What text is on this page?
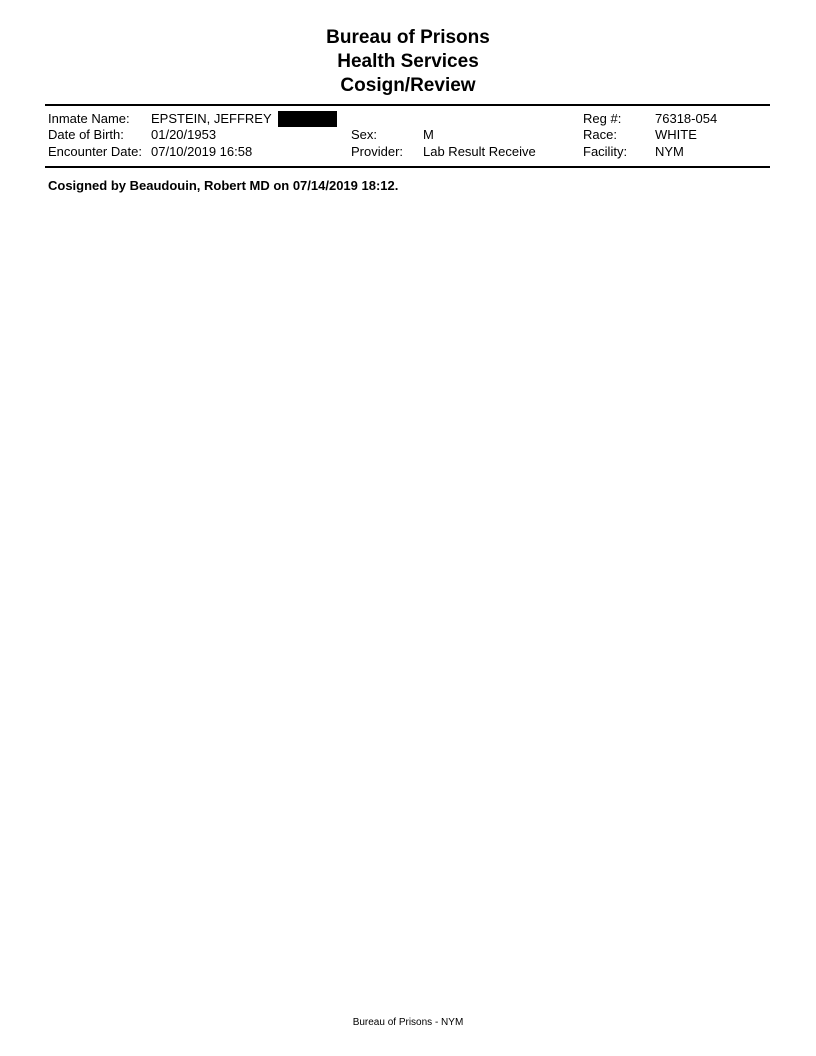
Bureau of Prisons
Health Services
Cosign/Review
Inmate Name:
Date of Birth:
Encounter Date:
EPSTEIN, JEFFREY
01/20/1953
07/10/2019 16:58
Sex:
Provider:
M
Lab Result Receive
Reg #:
Race:
Facility:
76318-054
WHITE
NYM
Cosigned by Beaudouin, Robert MD on 07/14/2019 18:12.
Bureau of Prisons - NYM
